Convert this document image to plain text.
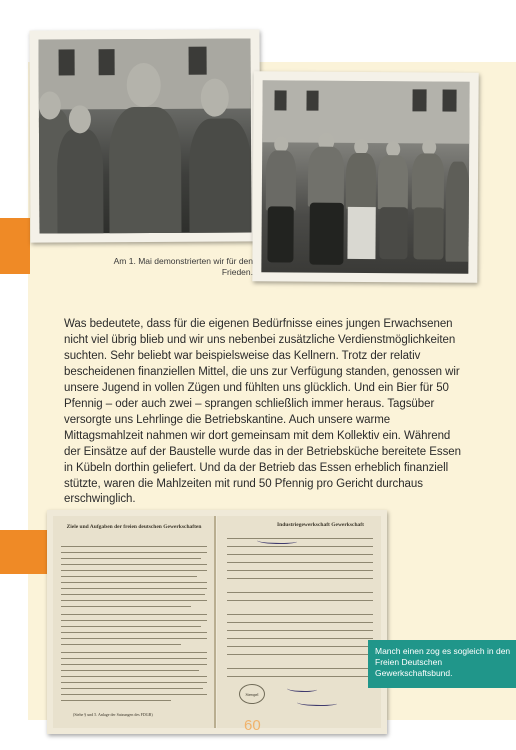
Am 1. Mai demonstrierten wir für den Frieden.

Was bedeutete, dass für die eigenen Bedürfnisse eines jungen Erwachsenen nicht viel übrig blieb und wir uns nebenbei zusätzliche Verdienstmöglichkeiten suchten. Sehr beliebt war beispielsweise das Kellnern. Trotz der relativ bescheidenen finanziellen Mittel, die uns zur Verfügung standen, genossen wir unsere Jugend in vollen Zügen und fühlten uns glücklich. Und ein Bier für 50 Pfennig – oder auch zwei – sprangen schließlich immer heraus. Tagsüber versorgte uns Lehrlinge die Betriebskantine. Auch unsere warme Mittagsmahlzeit nahmen wir dort gemeinsam mit dem Kollektiv ein. Während der Einsätze auf der Baustelle wurde das in der Betriebsküche bereitete Essen in Kübeln dorthin geliefert. Und da der Betrieb das Essen erheblich finanziell stützte, waren die Mahlzeiten mit rund 50 Pfennig pro Gericht durchaus erschwinglich.

Ziele und Aufgaben der freien deutschen Gewerkschaften
(Siehe § und 5. Anlage der Satzungen des FDGB)
Industriegewerkschaft Gewerkschaft
Stempel
Manch einen zog es sogleich in den Freien Deutschen Gewerkschaftsbund.
60
